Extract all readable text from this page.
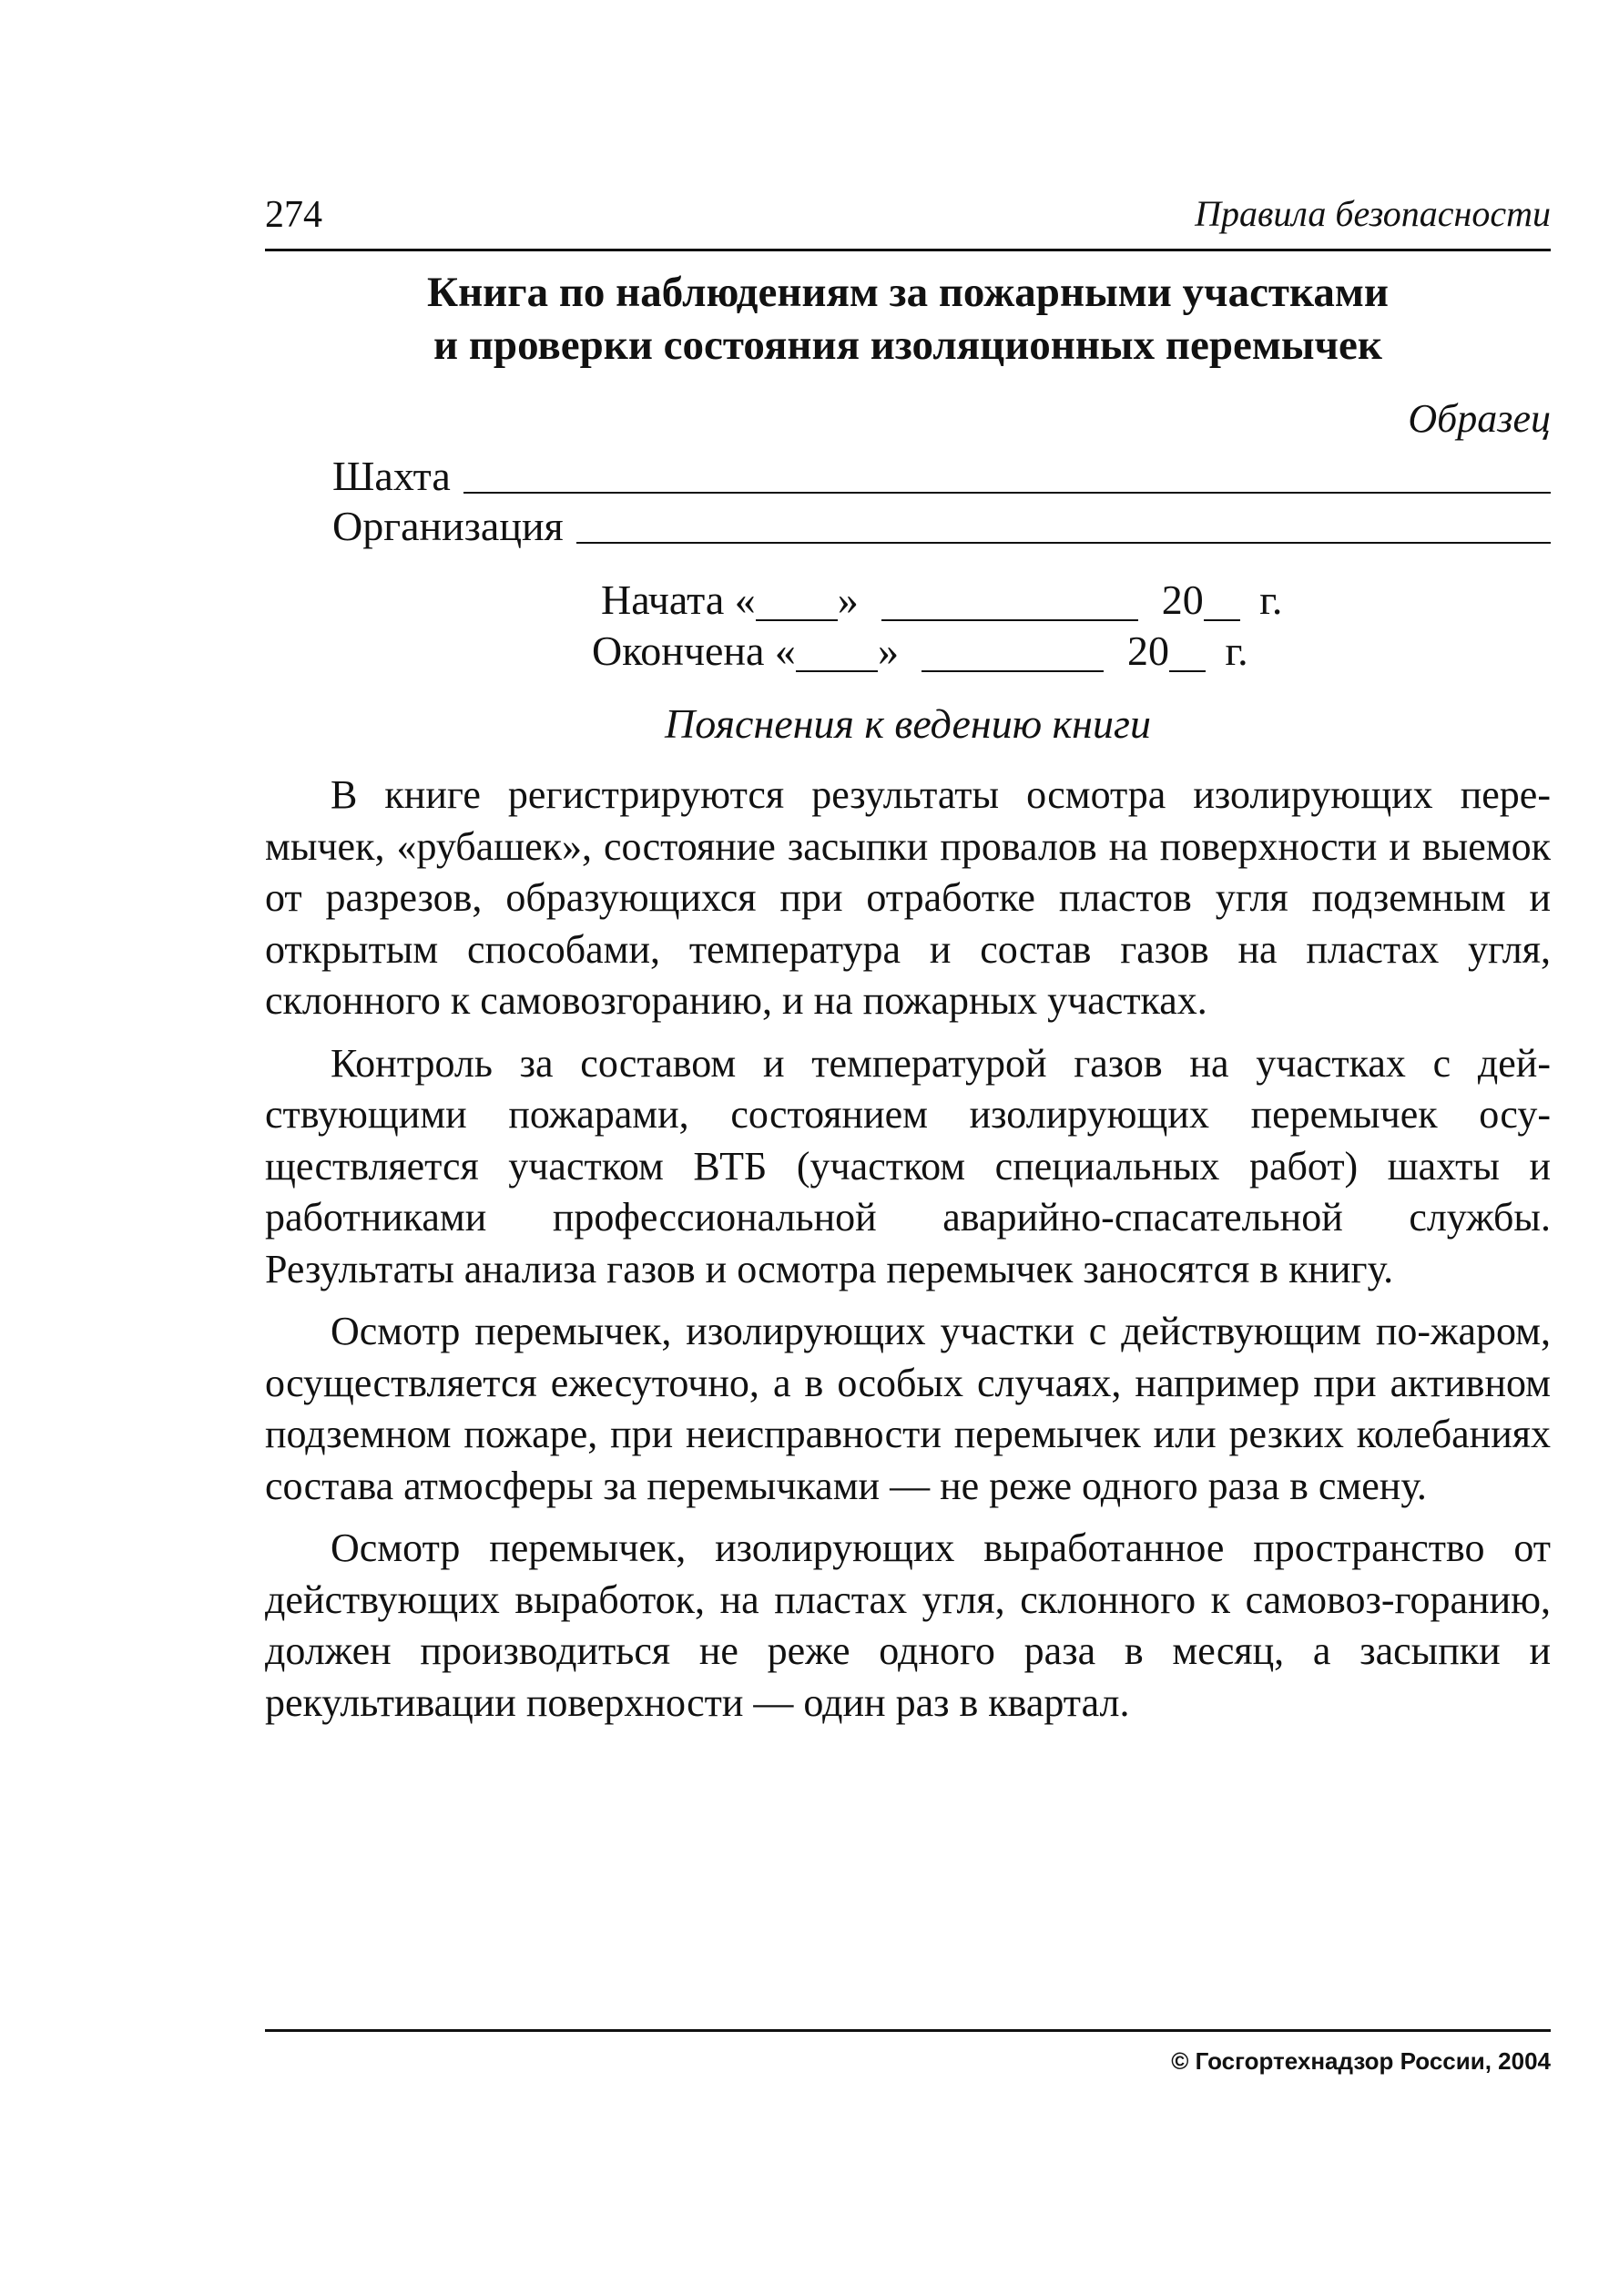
274	Правила безопасности
Книга по наблюдениям за пожарными участками
и проверки состояния изоляционных перемычек
Образец
Шахта
Организация
Начата « »	20 г.
Окончена « »	20 г.
Пояснения к ведению книги

В книге регистрируются результаты осмотра изолирующих пере-мычек, «рубашек», состояние засыпки провалов на поверхности и выемок от разрезов, образующихся при отработке пластов угля подземным и открытым способами, температура и состав газов на пластах угля, склонного к самовозгоранию, и на пожарных участках.

Контроль за составом и температурой газов на участках с дей-ствующими пожарами, состоянием изолирующих перемычек осу-ществляется участком ВТБ (участком специальных работ) шахты и работниками профессиональной аварийно-спасательной службы. Результаты анализа газов и осмотра перемычек заносятся в книгу.

Осмотр перемычек, изолирующих участки с действующим по-жаром, осуществляется ежесуточно, а в особых случаях, например при активном подземном пожаре, при неисправности перемычек или резких колебаниях состава атмосферы за перемычками — не реже одного раза в смену.

Осмотр перемычек, изолирующих выработанное пространство от действующих выработок, на пластах угля, склонного к самовоз-горанию, должен производиться не реже одного раза в месяц, а засыпки и рекультивации поверхности — один раз в квартал.

© Госгортехнадзор России, 2004
